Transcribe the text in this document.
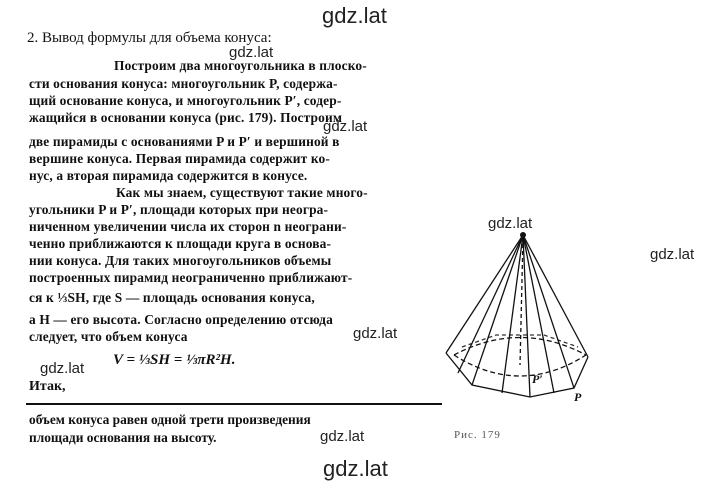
gdz.lat
gdz.lat
gdz.lat
gdz.lat
gdz.lat
gdz.lat
gdz.lat
gdz.lat
gdz.lat
2. Вывод формулы для объема конуса:
Построим два многоугольника в плоско-
сти основания конуса: многоугольник P, содержа-
щий основание конуса, и многоугольник P′, содер-
жащийся в основании конуса (рис. 179). Построим
две пирамиды с основаниями P и P′ и вершиной в
вершине конуса. Первая пирамида содержит ко-
нус, а вторая пирамида содержится в конусе.
Как мы знаем, существуют такие много-
угольники P и P′, площади которых при неогра-
ниченном увеличении числа их сторон n неограни-
ченно приближаются к площади круга в основа-
нии конуса. Для таких многоугольников объемы
построенных пирамид неограниченно приближают-
ся к ⅓SH, где S — площадь основания конуса,
а H — его высота. Согласно определению отсюда
следует, что объем конуса
V = ⅓SH = ⅓πR²H.
Итак,
объем конуса равен одной трети произведения
площади основания на высоту.
P′
P
Рис. 179
